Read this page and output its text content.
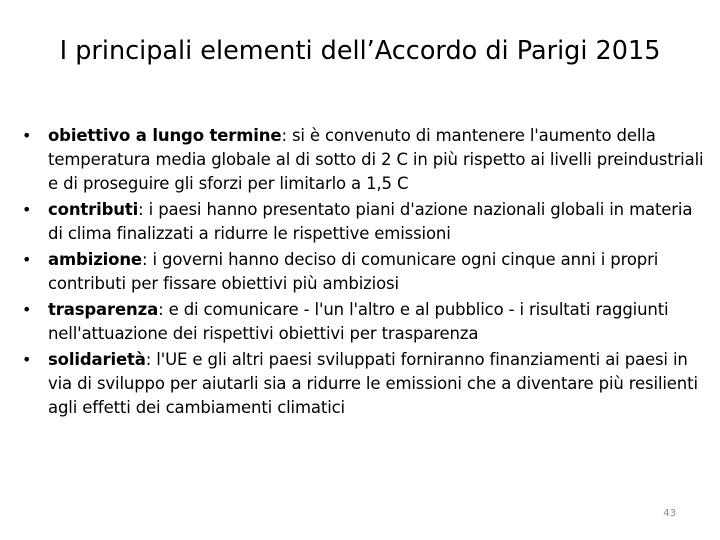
I principali elementi dell’Accordo di Parigi 2015
• obiettivo a lungo termine: si è convenuto di mantenere l'aumento della temperatura media globale al di sotto di 2 C in più rispetto ai livelli preindustriali e di proseguire gli sforzi per limitarlo a 1,5 C
• contributi: i paesi hanno presentato piani d'azione nazionali globali in materia di clima finalizzati a ridurre le rispettive emissioni
• ambizione: i governi hanno deciso di comunicare ogni cinque anni i propri contributi per fissare obiettivi più ambiziosi
• trasparenza: e di comunicare - l'un l'altro e al pubblico - i risultati raggiunti nell'attuazione dei rispettivi obiettivi per trasparenza
• solidarietà: l'UE e gli altri paesi sviluppati forniranno finanziamenti ai paesi in via di sviluppo per aiutarli sia a ridurre le emissioni che a diventare più resilienti agli effetti dei cambiamenti climatici
43
